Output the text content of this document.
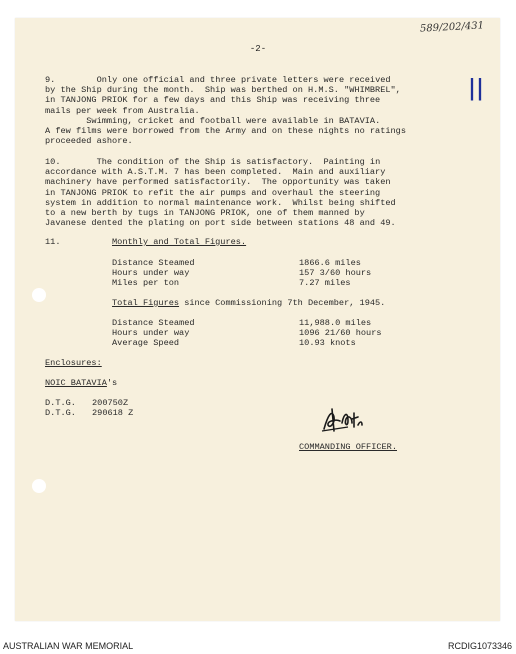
589/202/431
-2-
9.	Only one official and three private letters were received
by the Ship during the month.  Ship was berthed on H.M.S. "WHIMBREL",
in TANJONG PRIOK for a few days and this Ship was receiving three
mails per week from Australia.
Swimming, cricket and football were available in BATAVIA.
A few films were borrowed from the Army and on these nights no ratings
proceeded ashore.
||
10.	The condition of the Ship is satisfactory.  Painting in
accordance with A.S.T.M. 7 has been completed.  Main and auxiliary
machinery have performed satisfactorily.  The opportunity was taken
in TANJONG PRIOK to refit the air pumps and overhaul the steering
system in addition to normal maintenance work.  Whilst being shifted
to a new berth by tugs in TANJONG PRIOK, one of them manned by
Javanese dented the plating on port side between stations 48 and 49.
11.	Monthly and Total Figures.
Distance Steamed	1866.6 miles
Hours under way	157 3/60 hours
Miles per ton	7.27 miles
Total Figures since Commissioning 7th December, 1945.
Distance Steamed	11,988.0 miles
Hours under way	1096 21/60 hours
Average Speed	10.93 knots
Enclosures:
NOIC BATAVIA's
D.T.G. 200750Z
D.T.G. 290618 Z
COMMANDING OFFICER.
AUSTRALIAN WAR MEMORIAL	RCDIG1073346
